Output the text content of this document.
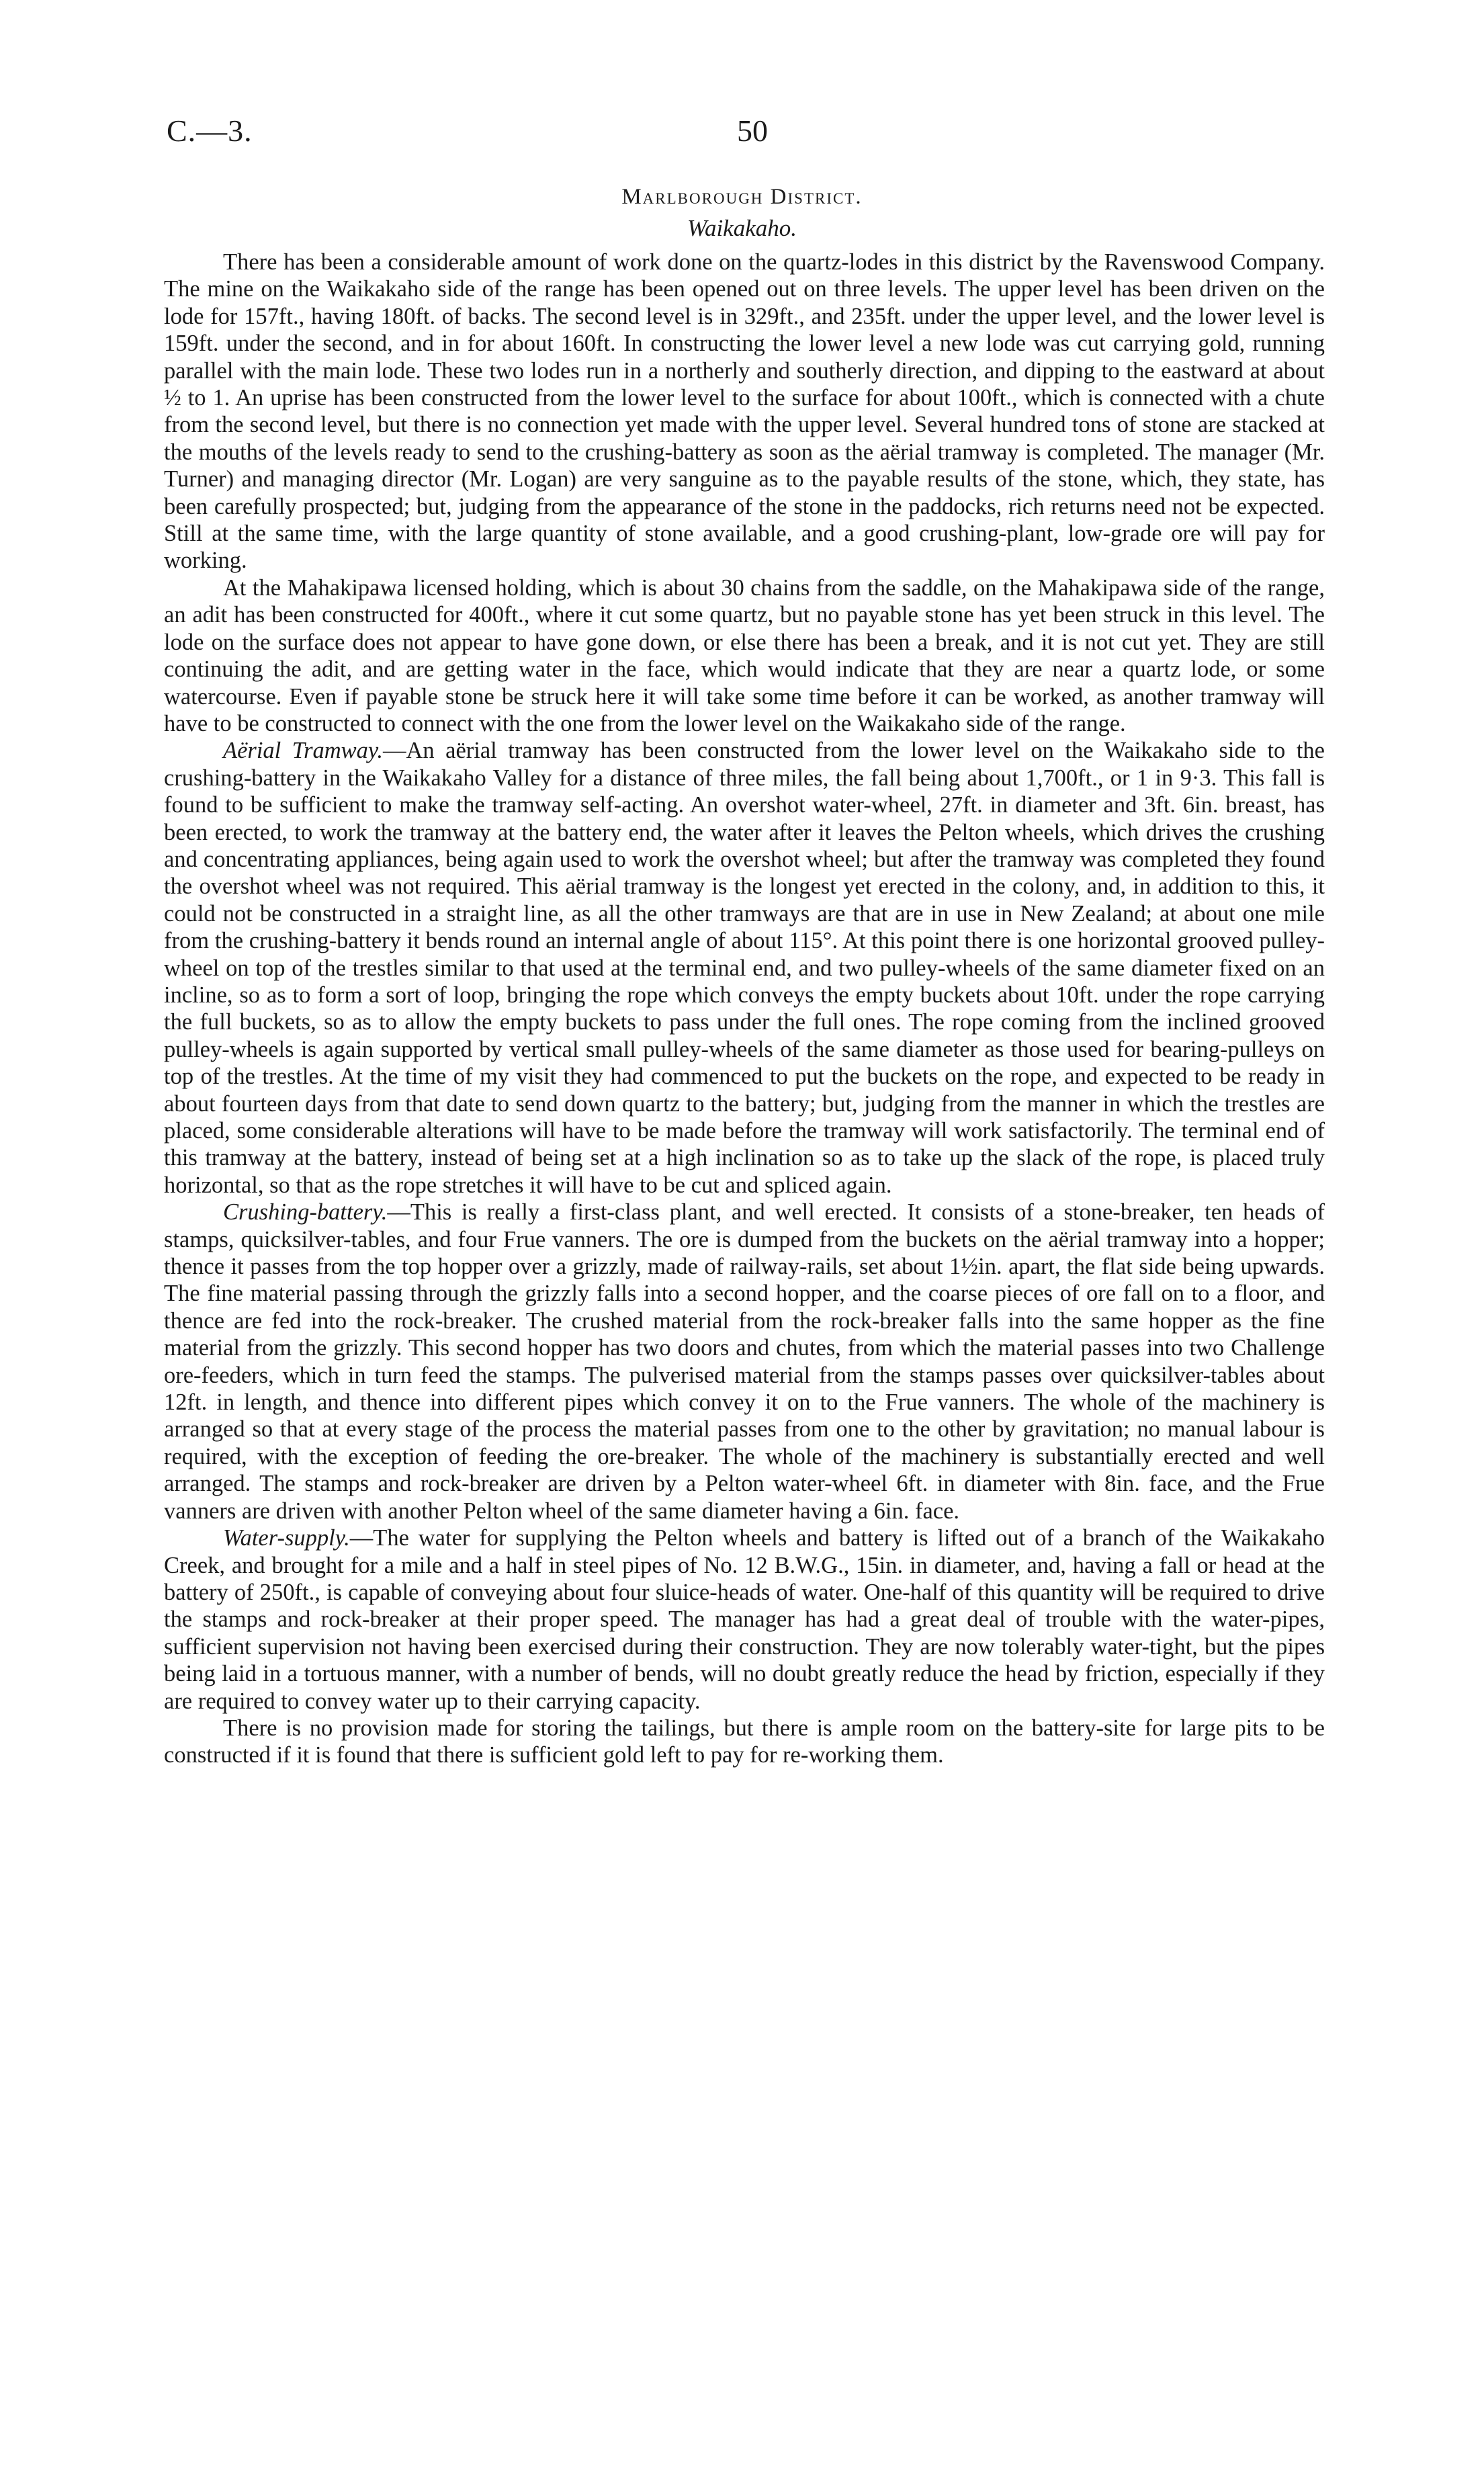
C.—3.	50
Marlborough District.
Waikakaho.

There has been a considerable amount of work done on the quartz-lodes in this district by the Ravenswood Company. The mine on the Waikakaho side of the range has been opened out on three levels. The upper level has been driven on the lode for 157ft., having 180ft. of backs. The second level is in 329ft., and 235ft. under the upper level, and the lower level is 159ft. under the second, and in for about 160ft. In constructing the lower level a new lode was cut carrying gold, running parallel with the main lode. These two lodes run in a northerly and southerly direction, and dipping to the eastward at about ½ to 1. An uprise has been constructed from the lower level to the surface for about 100ft., which is connected with a chute from the second level, but there is no connection yet made with the upper level. Several hundred tons of stone are stacked at the mouths of the levels ready to send to the crushing-battery as soon as the aërial tramway is completed. The manager (Mr. Turner) and managing director (Mr. Logan) are very sanguine as to the payable results of the stone, which, they state, has been carefully prospected; but, judging from the appearance of the stone in the paddocks, rich returns need not be expected. Still at the same time, with the large quantity of stone available, and a good crushing-plant, low-grade ore will pay for working.

At the Mahakipawa licensed holding, which is about 30 chains from the saddle, on the Mahakipawa side of the range, an adit has been constructed for 400ft., where it cut some quartz, but no payable stone has yet been struck in this level. The lode on the surface does not appear to have gone down, or else there has been a break, and it is not cut yet. They are still continuing the adit, and are getting water in the face, which would indicate that they are near a quartz lode, or some watercourse. Even if payable stone be struck here it will take some time before it can be worked, as another tramway will have to be constructed to connect with the one from the lower level on the Waikakaho side of the range.

Aërial Tramway.—An aërial tramway has been constructed from the lower level on the Waikakaho side to the crushing-battery in the Waikakaho Valley for a distance of three miles, the fall being about 1,700ft., or 1 in 9·3. This fall is found to be sufficient to make the tramway self-acting. An overshot water-wheel, 27ft. in diameter and 3ft. 6in. breast, has been erected, to work the tramway at the battery end, the water after it leaves the Pelton wheels, which drives the crushing and concentrating appliances, being again used to work the overshot wheel; but after the tramway was completed they found the overshot wheel was not required. This aërial tramway is the longest yet erected in the colony, and, in addition to this, it could not be constructed in a straight line, as all the other tramways are that are in use in New Zealand; at about one mile from the crushing-battery it bends round an internal angle of about 115°. At this point there is one horizontal grooved pulley-wheel on top of the trestles similar to that used at the terminal end, and two pulley-wheels of the same diameter fixed on an incline, so as to form a sort of loop, bringing the rope which conveys the empty buckets about 10ft. under the rope carrying the full buckets, so as to allow the empty buckets to pass under the full ones. The rope coming from the inclined grooved pulley-wheels is again supported by vertical small pulley-wheels of the same diameter as those used for bearing-pulleys on top of the trestles. At the time of my visit they had commenced to put the buckets on the rope, and expected to be ready in about fourteen days from that date to send down quartz to the battery; but, judging from the manner in which the trestles are placed, some considerable alterations will have to be made before the tramway will work satisfactorily. The terminal end of this tramway at the battery, instead of being set at a high inclination so as to take up the slack of the rope, is placed truly horizontal, so that as the rope stretches it will have to be cut and spliced again.

Crushing-battery.—This is really a first-class plant, and well erected. It consists of a stone-breaker, ten heads of stamps, quicksilver-tables, and four Frue vanners. The ore is dumped from the buckets on the aërial tramway into a hopper; thence it passes from the top hopper over a grizzly, made of railway-rails, set about 1½in. apart, the flat side being upwards. The fine material passing through the grizzly falls into a second hopper, and the coarse pieces of ore fall on to a floor, and thence are fed into the rock-breaker. The crushed material from the rock-breaker falls into the same hopper as the fine material from the grizzly. This second hopper has two doors and chutes, from which the material passes into two Challenge ore-feeders, which in turn feed the stamps. The pulverised material from the stamps passes over quicksilver-tables about 12ft. in length, and thence into different pipes which convey it on to the Frue vanners. The whole of the machinery is arranged so that at every stage of the process the material passes from one to the other by gravitation; no manual labour is required, with the exception of feeding the ore-breaker. The whole of the machinery is substantially erected and well arranged. The stamps and rock-breaker are driven by a Pelton water-wheel 6ft. in diameter with 8in. face, and the Frue vanners are driven with another Pelton wheel of the same diameter having a 6in. face.

Water-supply.—The water for supplying the Pelton wheels and battery is lifted out of a branch of the Waikakaho Creek, and brought for a mile and a half in steel pipes of No. 12 B.W.G., 15in. in diameter, and, having a fall or head at the battery of 250ft., is capable of conveying about four sluice-heads of water. One-half of this quantity will be required to drive the stamps and rock-breaker at their proper speed. The manager has had a great deal of trouble with the water-pipes, sufficient supervision not having been exercised during their construction. They are now tolerably water-tight, but the pipes being laid in a tortuous manner, with a number of bends, will no doubt greatly reduce the head by friction, especially if they are required to convey water up to their carrying capacity.

There is no provision made for storing the tailings, but there is ample room on the battery-site for large pits to be constructed if it is found that there is sufficient gold left to pay for re-working them.
